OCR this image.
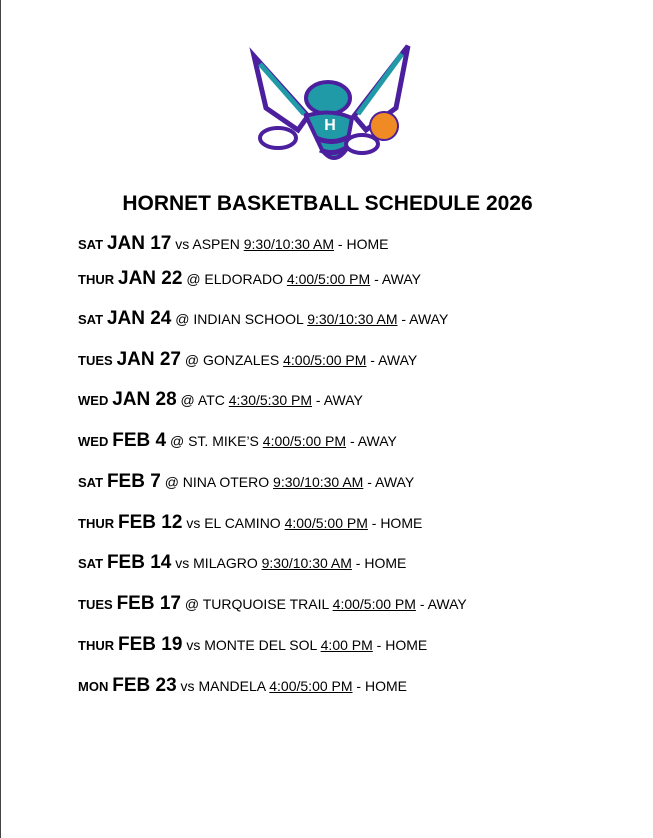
H
HORNET BASKETBALL SCHEDULE 2026
SAT JAN 17 vs ASPEN 9:30/10:30 AM - HOME
THUR JAN 22 @ ELDORADO 4:00/5:00 PM - AWAY
SAT JAN 24 @ INDIAN SCHOOL 9:30/10:30 AM - AWAY
TUES JAN 27 @ GONZALES 4:00/5:00 PM - AWAY
WED JAN 28 @ ATC 4:30/5:30 PM - AWAY
WED FEB 4 @ ST. MIKE’S 4:00/5:00 PM - AWAY
SAT FEB 7 @ NINA OTERO 9:30/10:30 AM - AWAY
THUR FEB 12 vs EL CAMINO 4:00/5:00 PM - HOME
SAT FEB 14 vs MILAGRO 9:30/10:30 AM - HOME
TUES FEB 17 @ TURQUOISE TRAIL 4:00/5:00 PM - AWAY
THUR FEB 19 vs MONTE DEL SOL 4:00 PM - HOME
MON FEB 23 vs MANDELA 4:00/5:00 PM - HOME
